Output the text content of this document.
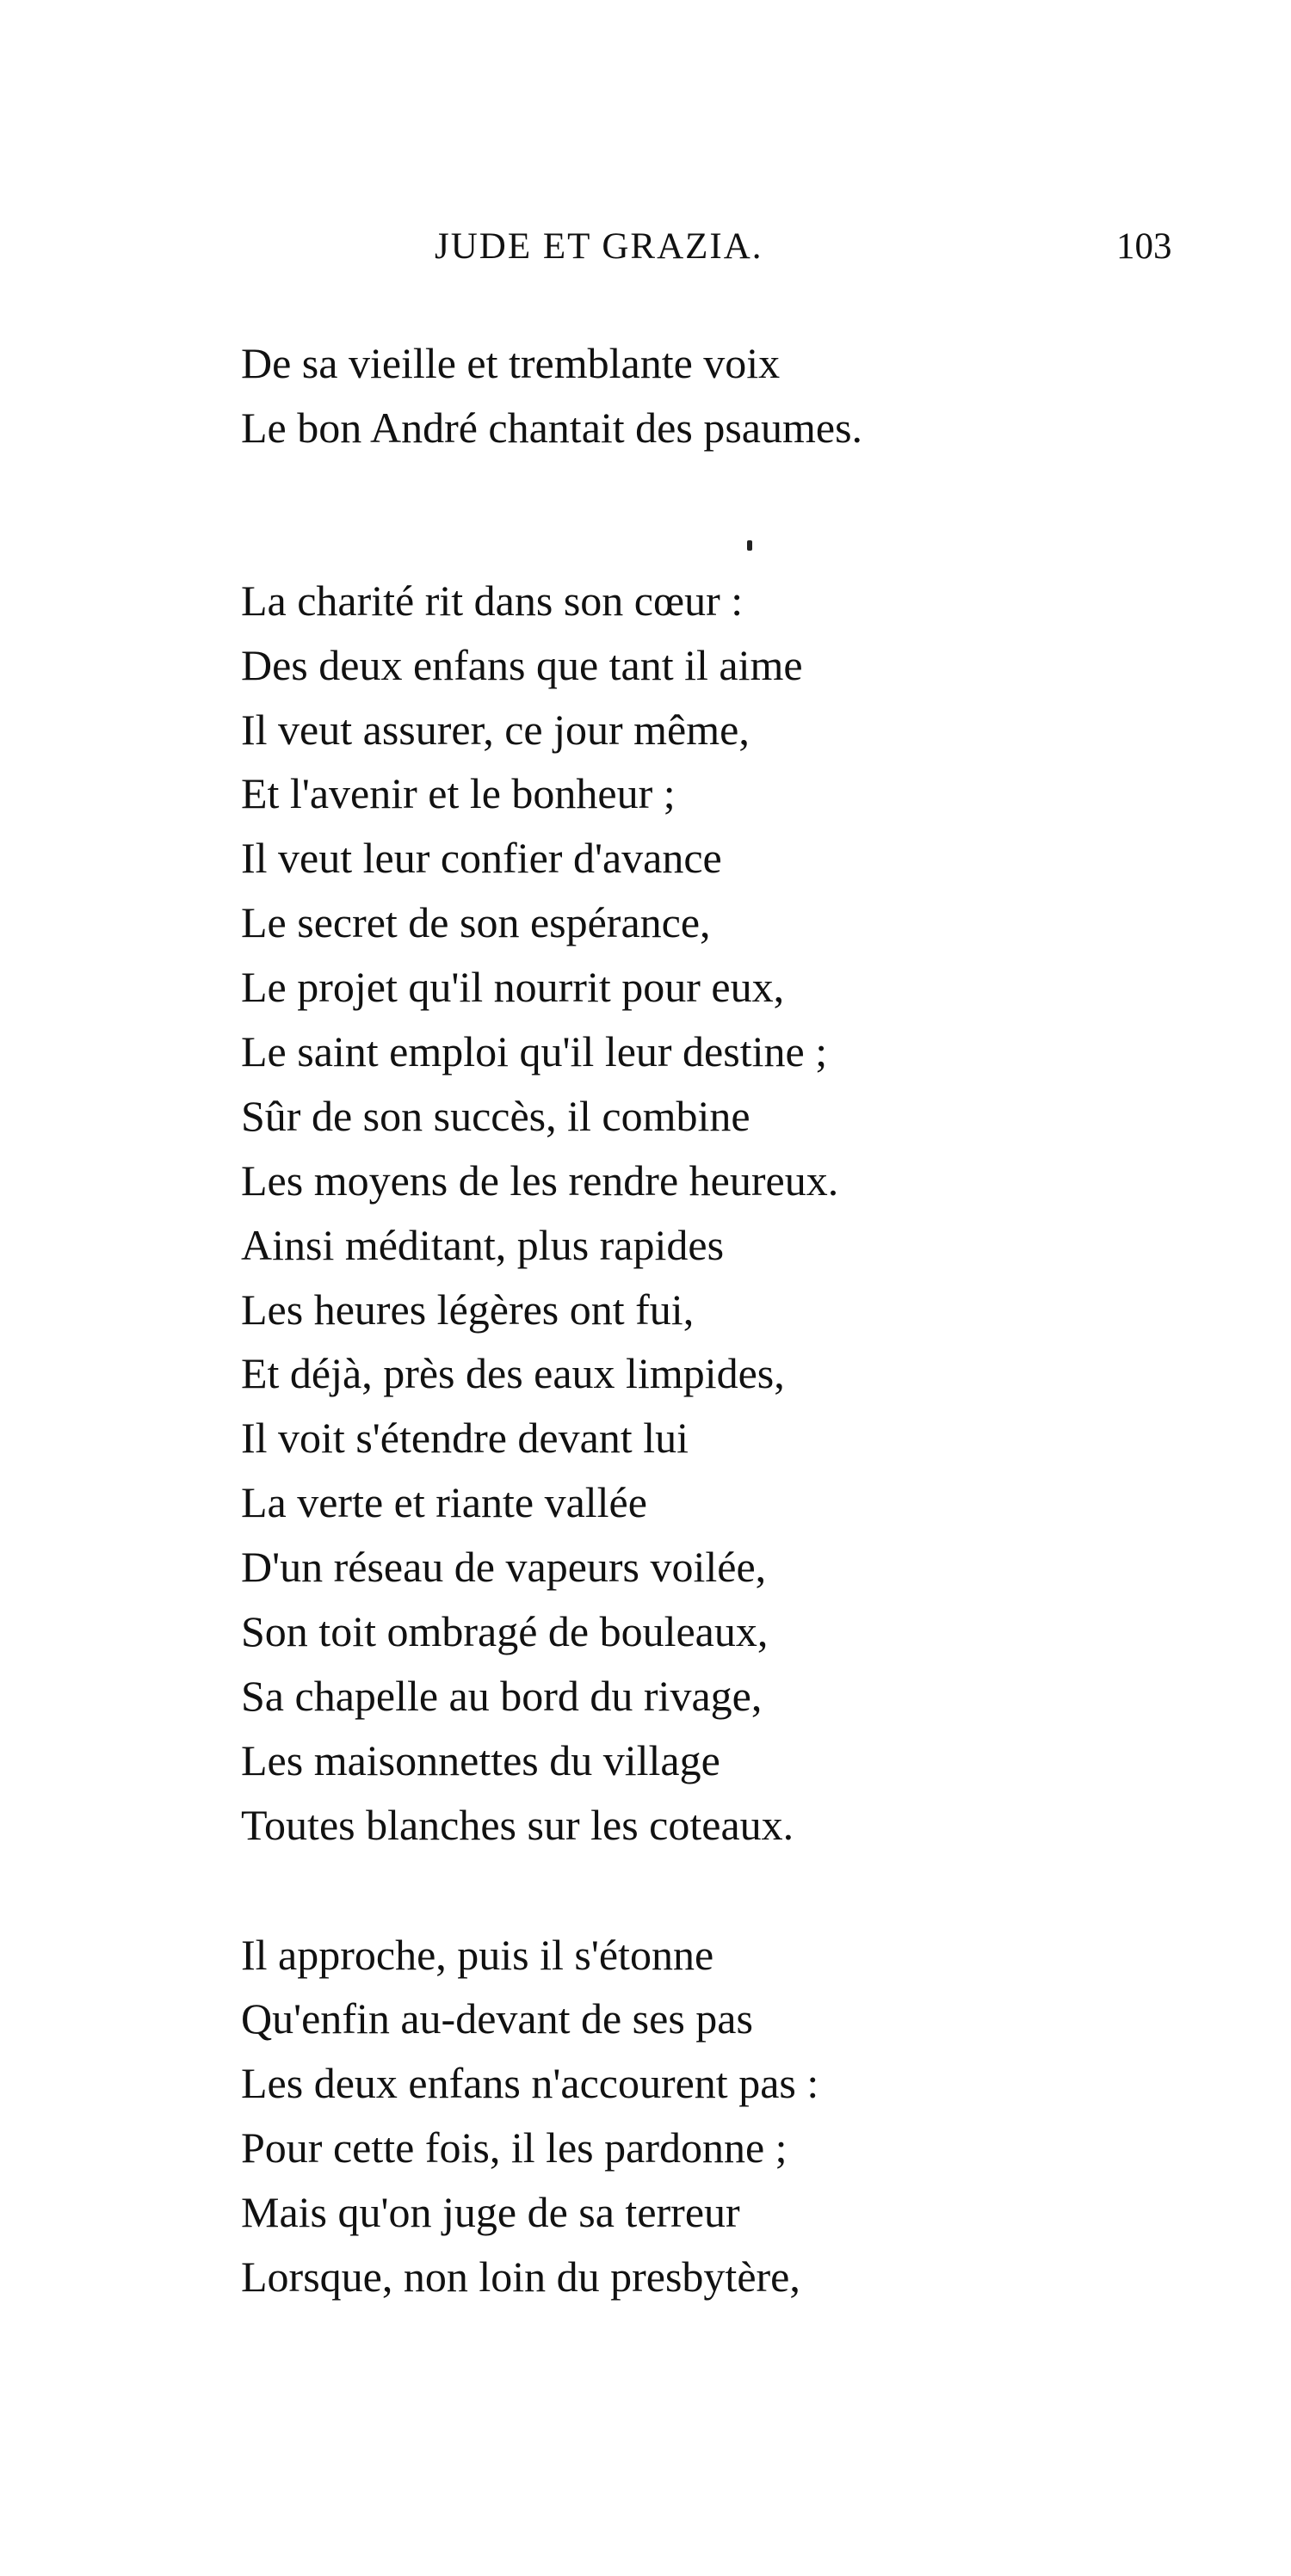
JUDE ET GRAZIA.	103
De sa vieille et tremblante voix
Le bon André chantait des psaumes.
La charité rit dans son cœur :
Des deux enfans que tant il aime
Il veut assurer, ce jour même,
Et l'avenir et le bonheur ;
Il veut leur confier d'avance
Le secret de son espérance,
Le projet qu'il nourrit pour eux,
Le saint emploi qu'il leur destine ;
Sûr de son succès, il combine
Les moyens de les rendre heureux.
Ainsi méditant, plus rapides
Les heures légères ont fui,
Et déjà, près des eaux limpides,
Il voit s'étendre devant lui
La verte et riante vallée
D'un réseau de vapeurs voilée,
Son toit ombragé de bouleaux,
Sa chapelle au bord du rivage,
Les maisonnettes du village
Toutes blanches sur les coteaux.
Il approche, puis il s'étonne
Qu'enfin au-devant de ses pas
Les deux enfans n'accourent pas :
Pour cette fois, il les pardonne ;
Mais qu'on juge de sa terreur
Lorsque, non loin du presbytère,
